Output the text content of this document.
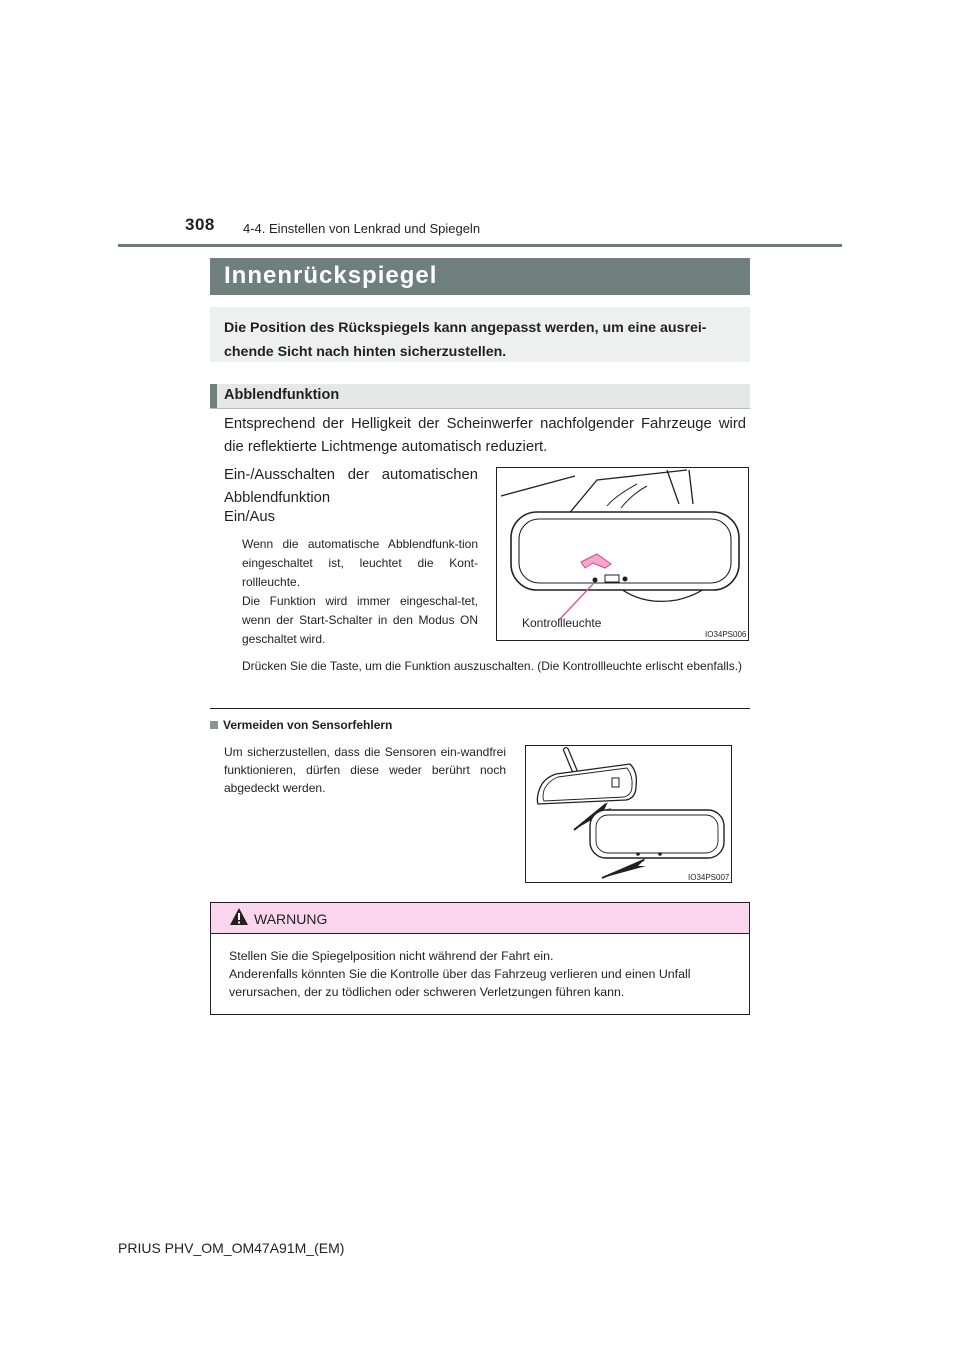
308 4-4. Einstellen von Lenkrad und Spiegeln
Innenrückspiegel
Die Position des Rückspiegels kann angepasst werden, um eine ausrei-chende Sicht nach hinten sicherzustellen.
Abblendfunktion
Entsprechend der Helligkeit der Scheinwerfer nachfolgender Fahrzeuge wird die reflektierte Lichtmenge automatisch reduziert.
Ein-/Ausschalten der automatischen Abblendfunktion
Ein/Aus
Wenn die automatische Abblendfunk-tion eingeschaltet ist, leuchtet die Kont-rollleuchte.
Die Funktion wird immer eingeschal-tet, wenn der Start-Schalter in den Modus ON geschaltet wird.
Drücken Sie die Taste, um die Funktion auszuschalten. (Die Kontrollleuchte erlischt ebenfalls.)
Kontrollleuchte
IO34PS006
Vermeiden von Sensorfehlern
Um sicherzustellen, dass die Sensoren ein-wandfrei funktionieren, dürfen diese weder berührt noch abgedeckt werden.
IO34PS007
WARNUNG
Stellen Sie die Spiegelposition nicht während der Fahrt ein.
Anderenfalls könnten Sie die Kontrolle über das Fahrzeug verlieren und einen Unfall verursachen, der zu tödlichen oder schweren Verletzungen führen kann.
PRIUS PHV_OM_OM47A91M_(EM)
